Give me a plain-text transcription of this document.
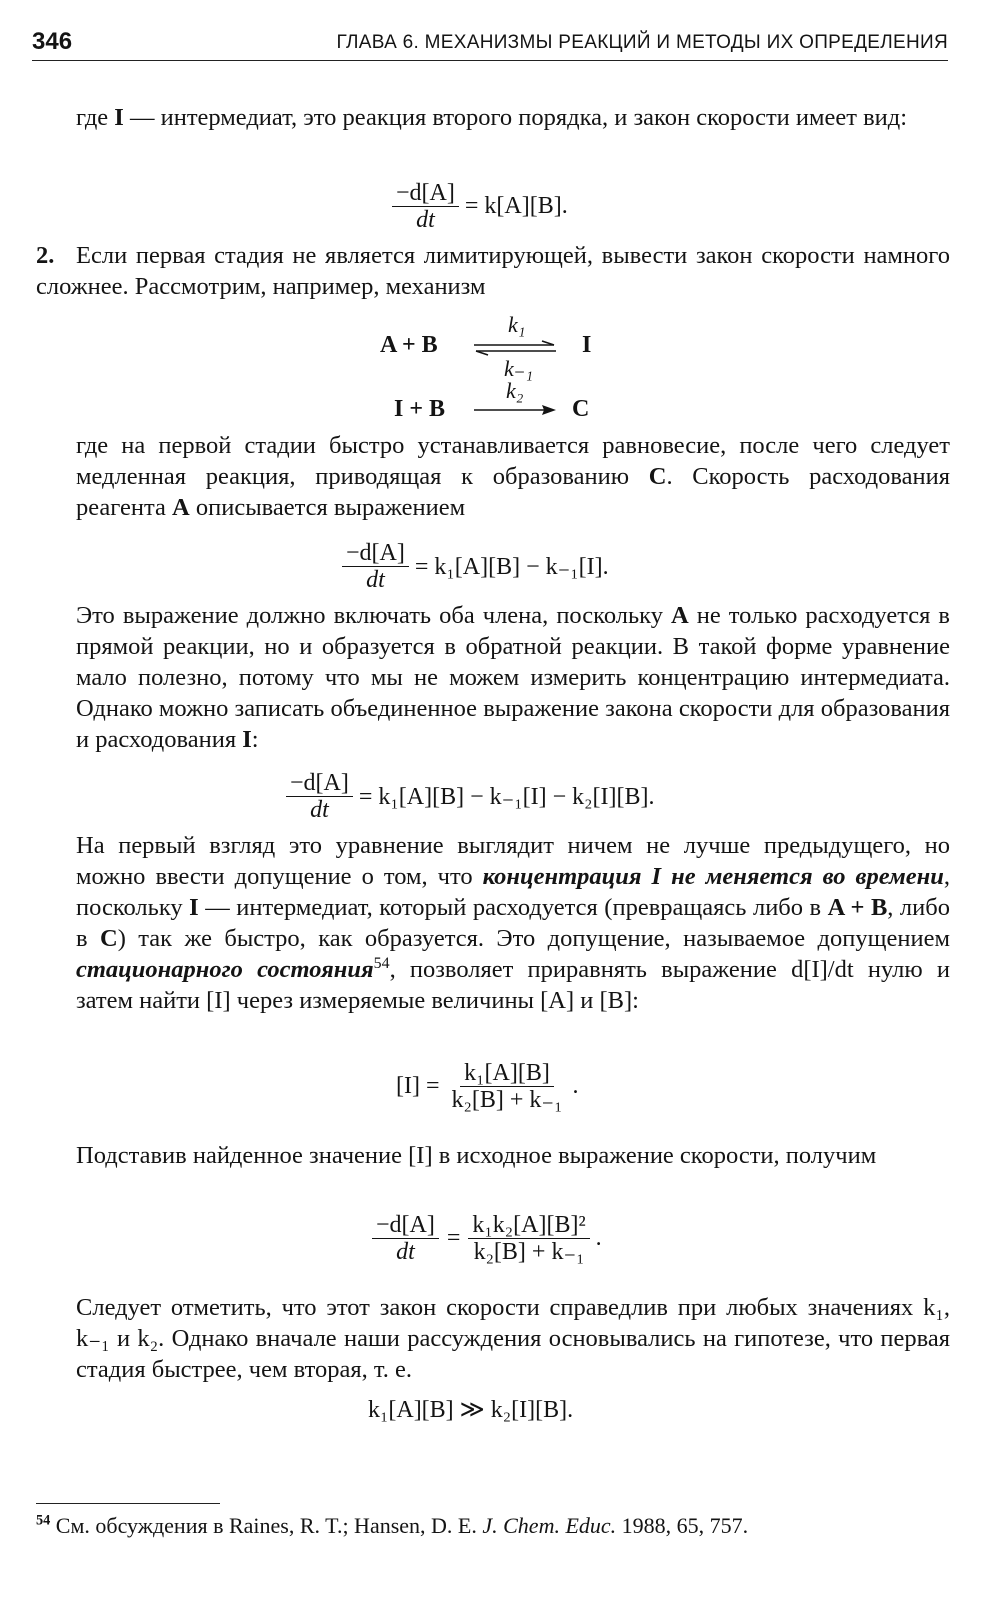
346	ГЛАВА 6. МЕХАНИЗМЫ РЕАКЦИЙ И МЕТОДЫ ИХ ОПРЕДЕЛЕНИЯ
где I — интермедиат, это реакция второго порядка, и закон скорости имеет вид:
$\frac{-d[A]}{dt} = k[A][B]$.
2. Если первая стадия не является лимитирующей, вывести закон скорости намного сложнее. Рассмотрим, например, механизм
k₁
A + B ⇌ I
k₋₁
k₂
I + B	C
где на первой стадии быстро устанавливается равновесие, после чего следует медленная реакция, приводящая к образованию C. Скорость расходования реагента A описывается выражением
$\frac{-d[A]}{dt} = k_1[A][B] - k_{-1}[I]$.
Это выражение должно включать оба члена, поскольку A не только расходуется в прямой реакции, но и образуется в обратной реакции. В такой форме уравнение мало полезно, потому что мы не можем измерить концентрацию интермедиата. Однако можно записать объединенное выражение закона скорости для образования и расходования I:
$\frac{-d[A]}{dt} = k_1[A][B] - k_{-1}[I] - k_2[I][B]$.
На первый взгляд это уравнение выглядит ничем не лучше предыдущего, но можно ввести допущение о том, что концентрация I не меняется во времени, поскольку I — интермедиат, который расходуется (превращаясь либо в A + B, либо в C) так же быстро, как образуется. Это допущение, называемое допущением стационарного состояния$^{54}$, позволяет приравнять выражение d[I]/dt нулю и затем найти [I] через измеряемые величины [A] и [B]:
$[I] = \frac{\text{k₁[A][B]}}{\text{k₂[B] + k₋₁}}$ .
Подставив найденное значение [I] в исходное выражение скорости, получим
$\frac{-d[A]}{dt} = \frac{\text{k₁k₂[A][B]²}}{\text{k₂[B] + k₋₁}}$ .
Следует отметить, что этот закон скорости справедлив при любых значениях k₁, k₋₁ и k₂. Однако вначале наши рассуждения основывались на гипотезе, что первая стадия быстрее, чем вторая, т. е.
k₁[A][B] ≫ k₂[I][B].
$^{54}$ См. обсуждения в Raines, R. T.; Hansen, D. E. J. Chem. Educ. 1988, 65, 757.
